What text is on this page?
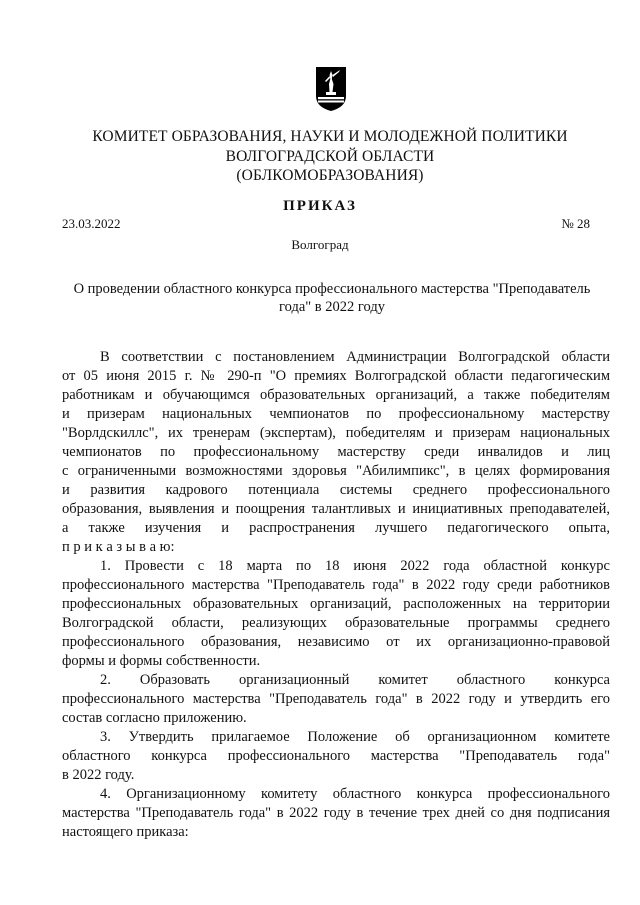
КОМИТЕТ ОБРАЗОВАНИЯ, НАУКИ И МОЛОДЕЖНОЙ ПОЛИТИКИ
ВОЛГОГРАДСКОЙ ОБЛАСТИ
(ОБЛКОМОБРАЗОВАНИЯ)
ПРИКАЗ
23.03.2022	№ 28
Волгоград
О проведении областного конкурса профессионального мастерства "Преподаватель
года" в 2022 году
В соответствии с постановлением Администрации Волгоградской области
от 05 июня 2015 г. № 290-п "О премиях Волгоградской области педагогическим
работникам и обучающимся образовательных организаций, а также победителям
и призерам национальных чемпионатов по профессиональному мастерству
"Ворлдскиллс", их тренерам (экспертам), победителям и призерам национальных
чемпионатов по профессиональному мастерству среди инвалидов и лиц
с ограниченными возможностями здоровья "Абилимпикс", в целях формирования
и развития кадрового потенциала системы среднего профессионального
образования, выявления и поощрения талантливых и инициативных преподавателей,
а также изучения и распространения лучшего педагогического опыта,
п р и к а з ы в а ю:
1. Провести с 18 марта по 18 июня 2022 года областной конкурс
профессионального мастерства "Преподаватель года" в 2022 году среди работников
профессиональных образовательных организаций, расположенных на территории
Волгоградской области, реализующих образовательные программы среднего
профессионального образования, независимо от их организационно-правовой
формы и формы собственности.
2. Образовать организационный комитет областного конкурса
профессионального мастерства "Преподаватель года" в 2022 году и утвердить его
состав согласно приложению.
3. Утвердить прилагаемое Положение об организационном комитете
областного конкурса профессионального мастерства "Преподаватель года"
в 2022 году.
4. Организационному комитету областного конкурса профессионального
мастерства "Преподаватель года" в 2022 году в течение трех дней со дня подписания
настоящего приказа:
